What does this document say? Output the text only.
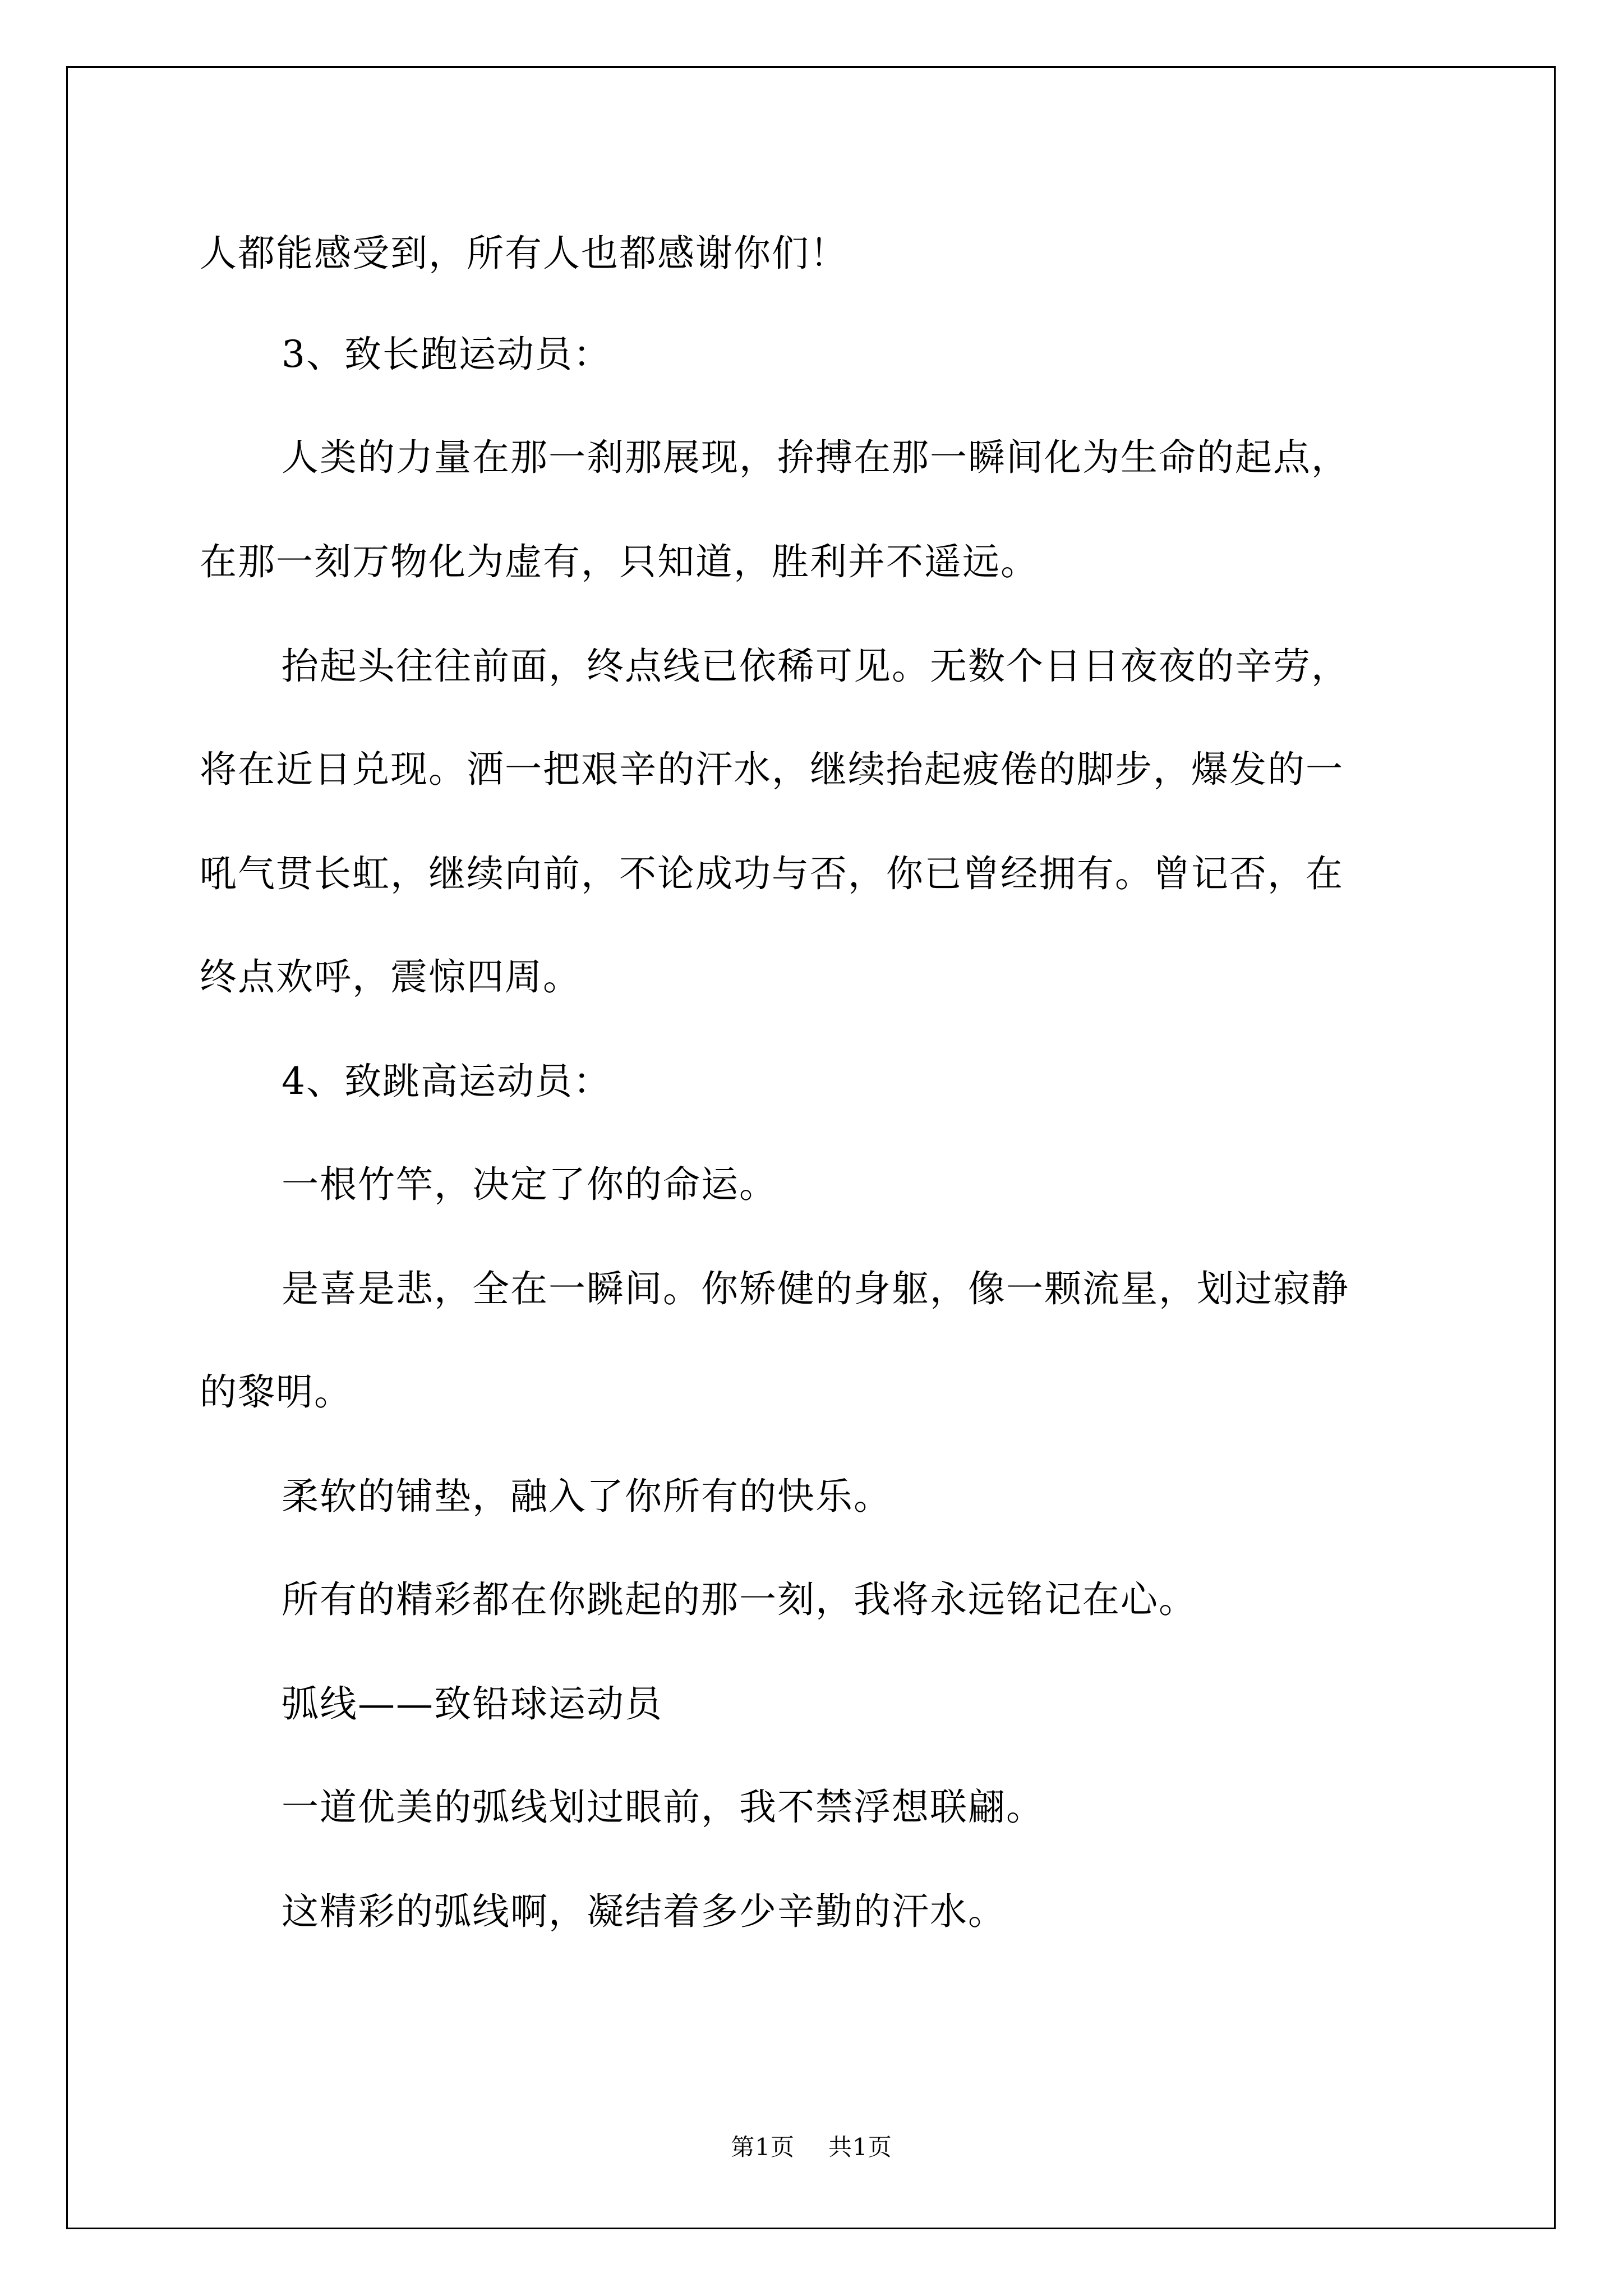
人都能感受到，所有人也都感谢你们！
3、致长跑运动员：
人类的力量在那一刹那展现，拚搏在那一瞬间化为生命的起点，
在那一刻万物化为虚有，只知道，胜利并不遥远。
抬起头往往前面，终点线已依稀可见。无数个日日夜夜的辛劳，
将在近日兑现。洒一把艰辛的汗水，继续抬起疲倦的脚步，爆发的一
吼气贯长虹，继续向前，不论成功与否，你已曾经拥有。曾记否，在
终点欢呼，震惊四周。
4、致跳高运动员：
一根竹竿，决定了你的命运。
是喜是悲，全在一瞬间。你矫健的身躯，像一颗流星，划过寂静
的黎明。
柔软的铺垫，融入了你所有的快乐。
所有的精彩都在你跳起的那一刻，我将永远铭记在心。
弧线——致铅球运动员
一道优美的弧线划过眼前，我不禁浮想联翩。
这精彩的弧线啊，凝结着多少辛勤的汗水。
第1页 共1页
